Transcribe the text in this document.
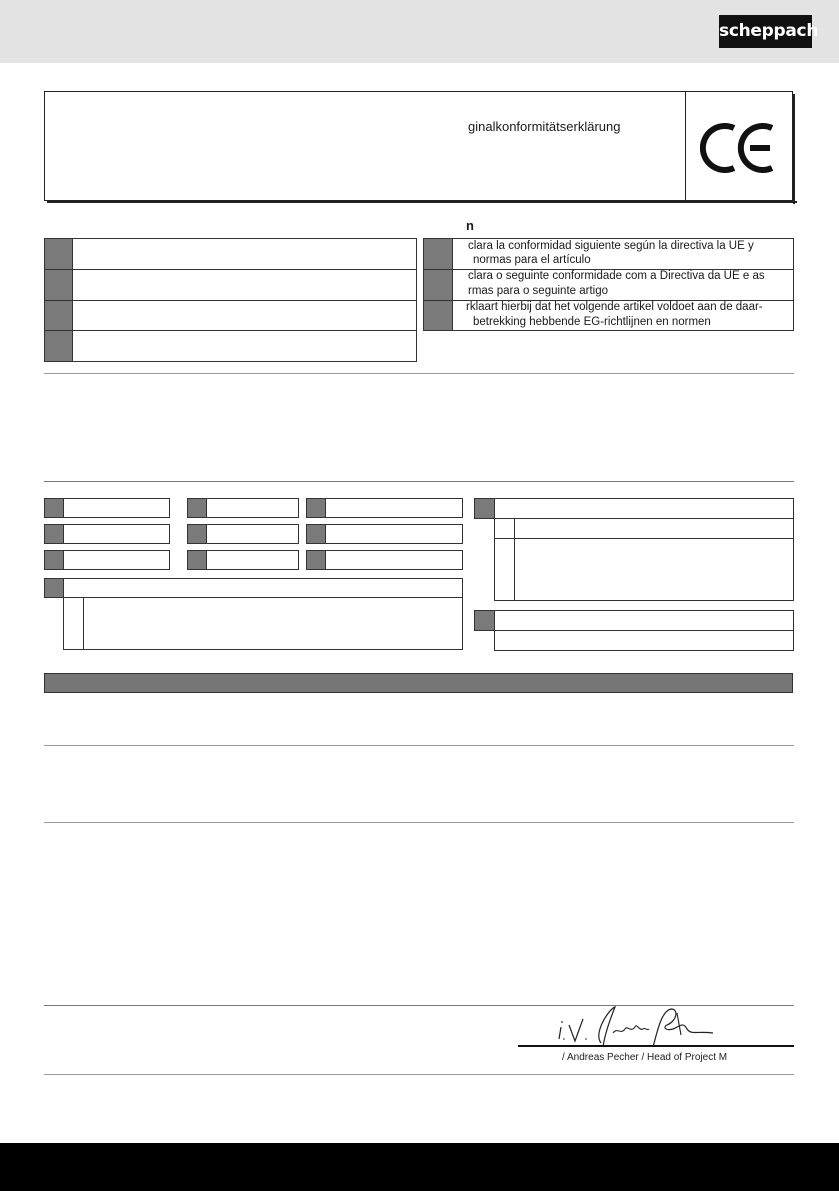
scheppach
ginalkonformitätserklärung
n
clara la conformidad siguiente según la directiva la UE y
normas para el artículo
clara o seguinte conformidade com a Directiva da UE e as
rmas para o seguinte artigo
rklaart hierbij dat het volgende artikel voldoet aan de daar-
betrekking hebbende EG-richtlijnen en normen
/ Andreas Pecher / Head of Project M
